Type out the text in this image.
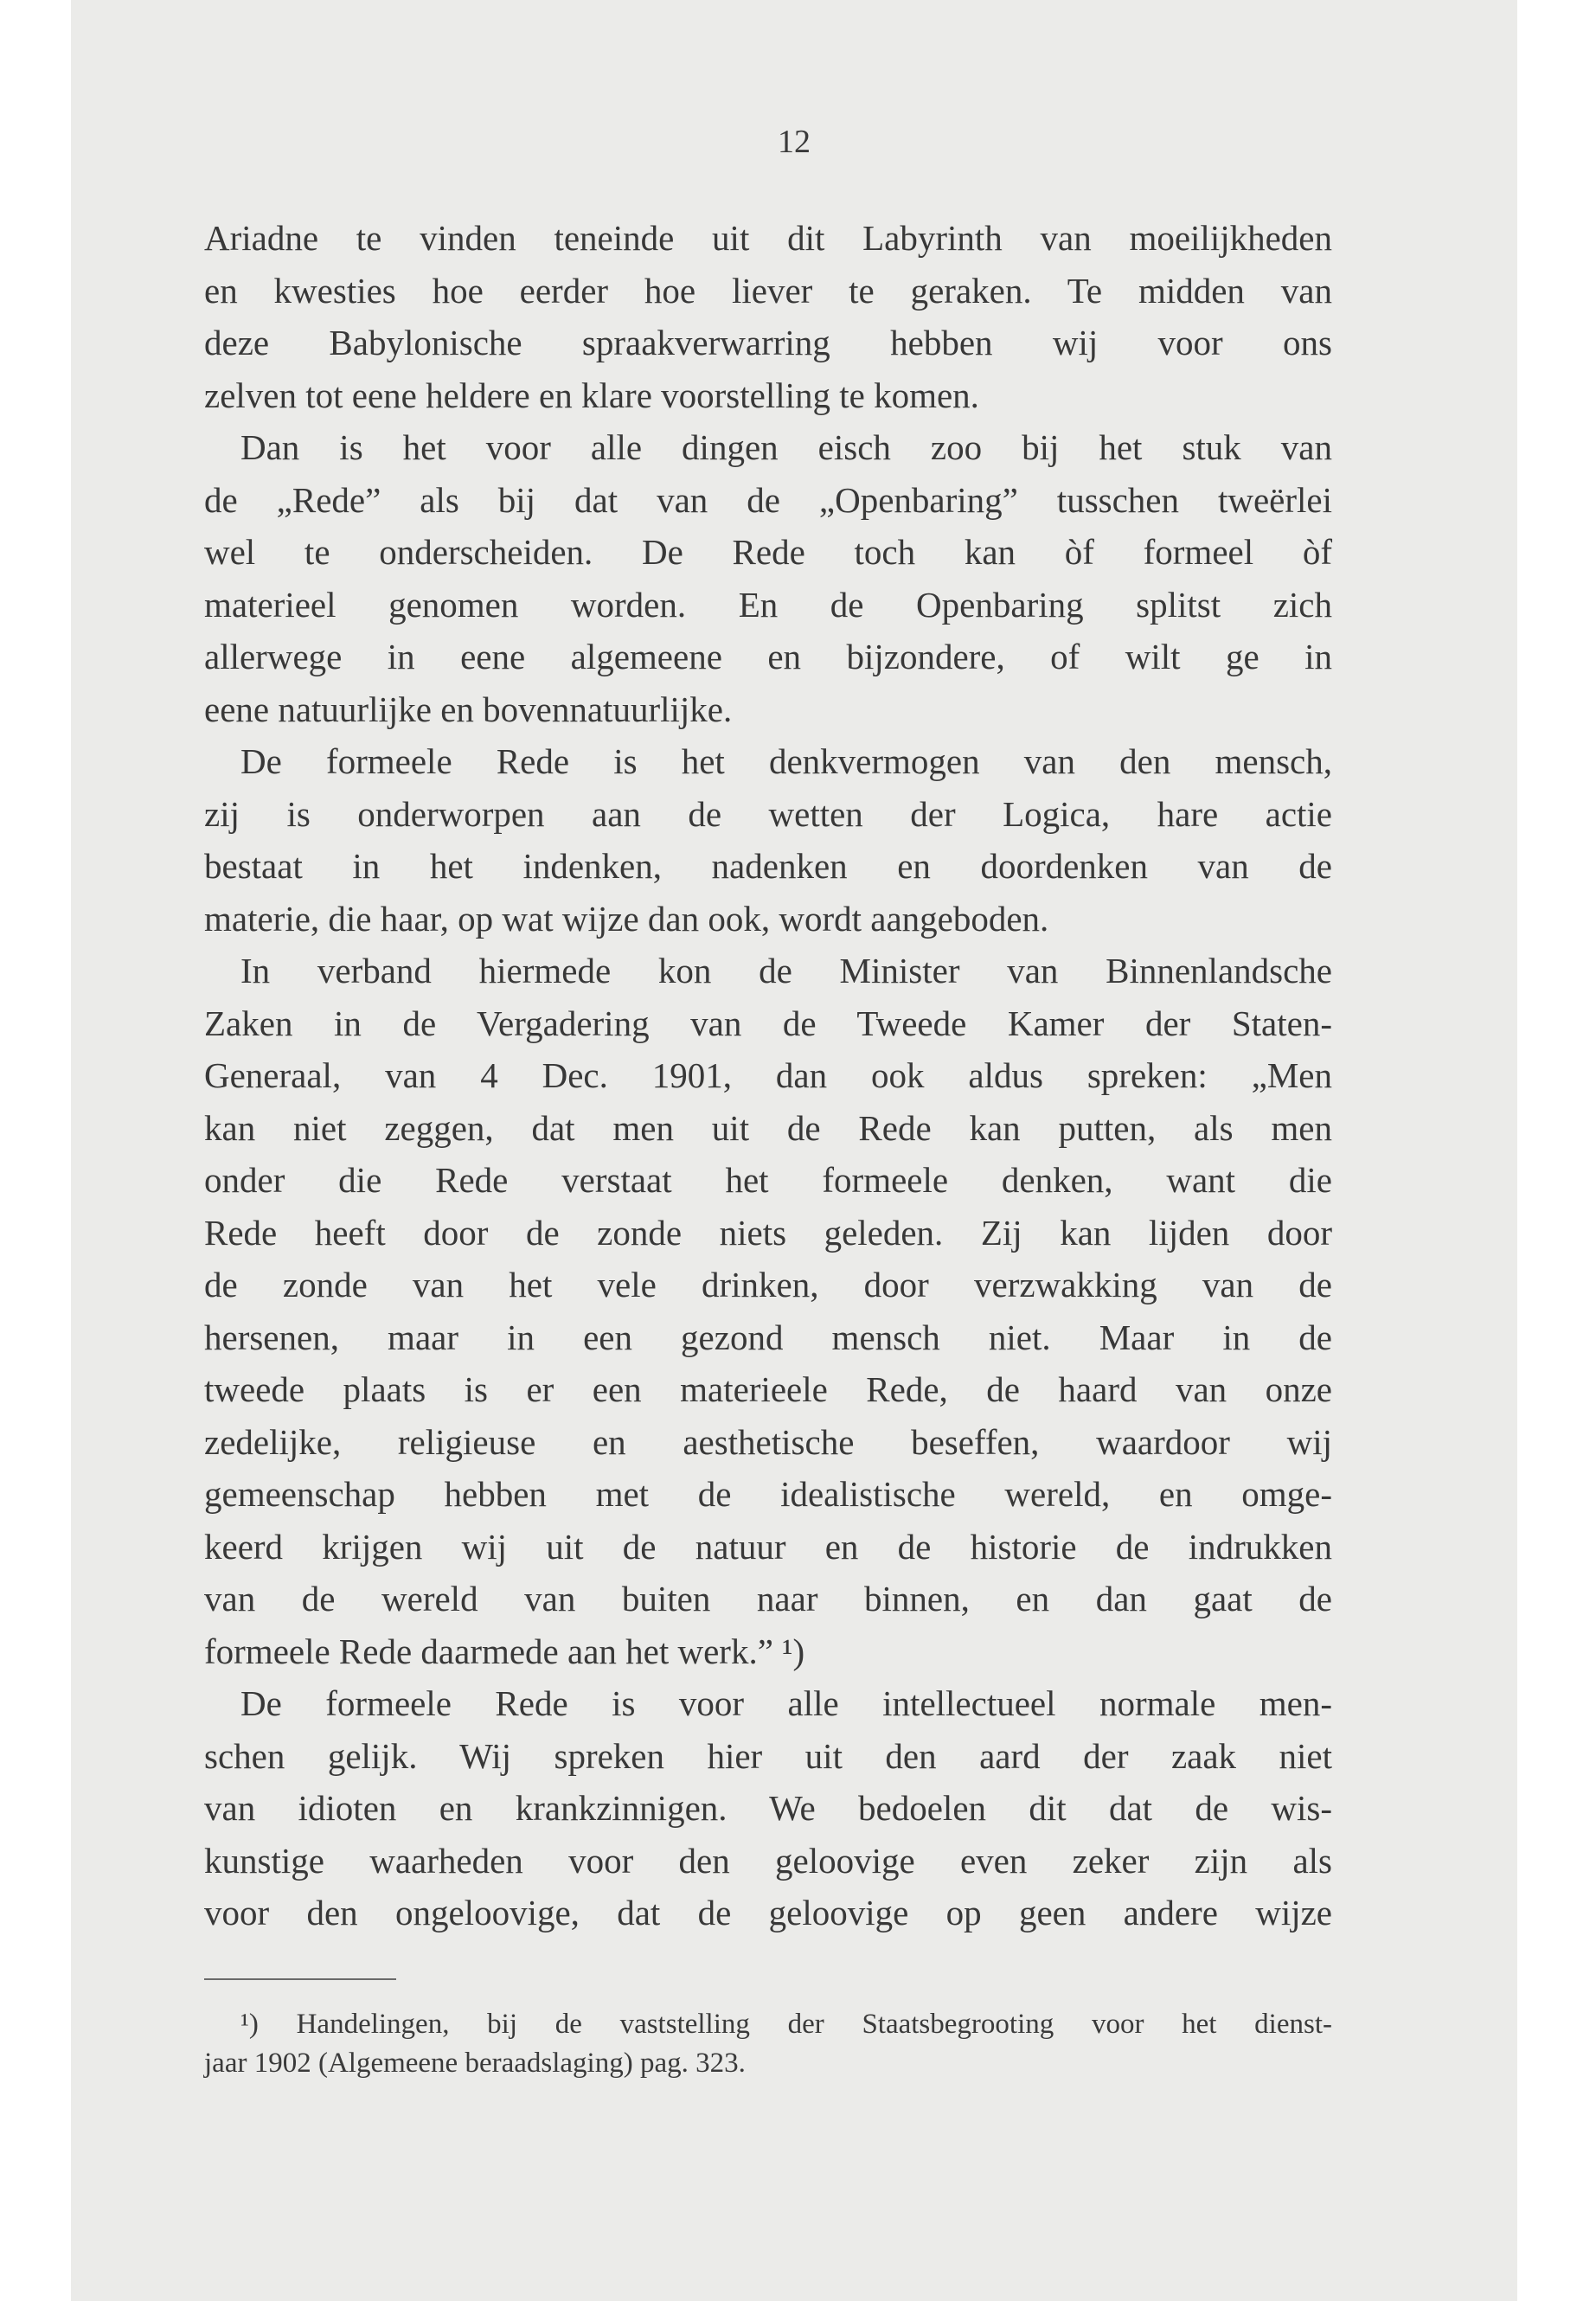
12
Ariadne te vinden teneinde uit dit Labyrinth van moeilijkheden
en kwesties hoe eerder hoe liever te geraken. Te midden van
deze Babylonische spraakverwarring hebben wij voor ons
zelven tot eene heldere en klare voorstelling te komen.
Dan is het voor alle dingen eisch zoo bij het stuk van
de „Rede” als bij dat van de „Openbaring” tusschen tweërlei
wel te onderscheiden. De Rede toch kan òf formeel òf
materieel genomen worden. En de Openbaring splitst zich
allerwege in eene algemeene en bijzondere, of wilt ge in
eene natuurlijke en bovennatuurlijke.
De formeele Rede is het denkvermogen van den mensch,
zij is onderworpen aan de wetten der Logica, hare actie
bestaat in het indenken, nadenken en doordenken van de
materie, die haar, op wat wijze dan ook, wordt aangeboden.
In verband hiermede kon de Minister van Binnenlandsche
Zaken in de Vergadering van de Tweede Kamer der Staten-
Generaal, van 4 Dec. 1901, dan ook aldus spreken: „Men
kan niet zeggen, dat men uit de Rede kan putten, als men
onder die Rede verstaat het formeele denken, want die
Rede heeft door de zonde niets geleden. Zij kan lijden door
de zonde van het vele drinken, door verzwakking van de
hersenen, maar in een gezond mensch niet. Maar in de
tweede plaats is er een materieele Rede, de haard van onze
zedelijke, religieuse en aesthetische beseffen, waardoor wij
gemeenschap hebben met de idealistische wereld, en omge-
keerd krijgen wij uit de natuur en de historie de indrukken
van de wereld van buiten naar binnen, en dan gaat de
formeele Rede daarmede aan het werk.” ¹)
De formeele Rede is voor alle intellectueel normale men-
schen gelijk. Wij spreken hier uit den aard der zaak niet
van idioten en krankzinnigen. We bedoelen dit dat de wis-
kunstige waarheden voor den geloovige even zeker zijn als
voor den ongeloovige, dat de geloovige op geen andere wijze
¹) Handelingen, bij de vaststelling der Staatsbegrooting voor het dienst-
jaar 1902 (Algemeene beraadslaging) pag. 323.
